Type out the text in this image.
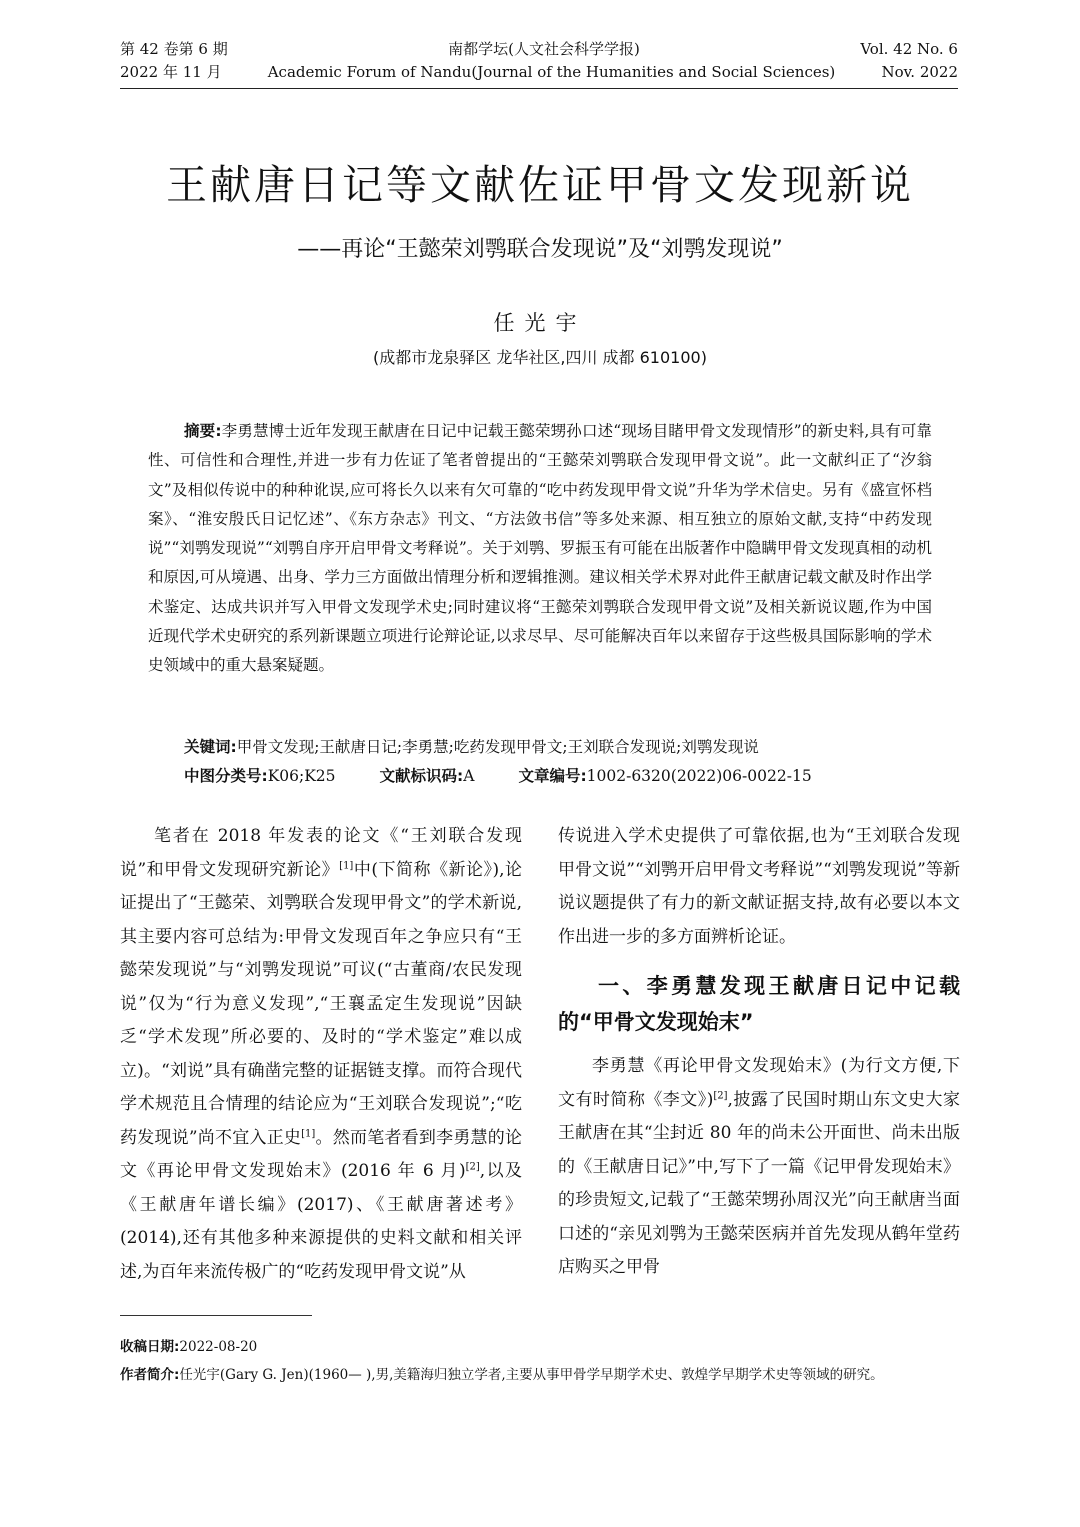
第 42 卷第 6 期	南都学坛(人文社会科学学报)	Vol. 42 No. 6
2022 年 11 月	Academic Forum of Nandu(Journal of the Humanities and Social Sciences)	Nov. 2022
王献唐日记等文献佐证甲骨文发现新说
——再论“王懿荣刘鹗联合发现说”及“刘鹗发现说”
任光宇
(成都市龙泉驿区 龙华社区,四川 成都 610100)

摘要:李勇慧博士近年发现王献唐在日记中记载王懿荣甥孙口述“现场目睹甲骨文发现情形”的新史料,具有可靠性、可信性和合理性,并进一步有力佐证了笔者曾提出的“王懿荣刘鹗联合发现甲骨文说”。此一文献纠正了“汐翁文”及相似传说中的种种讹误,应可将长久以来有欠可靠的“吃中药发现甲骨文说”升华为学术信史。另有《盛宣怀档案》、“淮安殷氏日记忆述”、《东方杂志》刊文、“方法敛书信”等多处来源、相互独立的原始文献,支持“中药发现说”“刘鹗发现说”“刘鹗自序开启甲骨文考释说”。关于刘鹗、罗振玉有可能在出版著作中隐瞒甲骨文发现真相的动机和原因,可从境遇、出身、学力三方面做出情理分析和逻辑推测。建议相关学术界对此件王献唐记载文献及时作出学术鉴定、达成共识并写入甲骨文发现学术史;同时建议将“王懿荣刘鹗联合发现甲骨文说”及相关新说议题,作为中国近现代学术史研究的系列新课题立项进行论辩论证,以求尽早、尽可能解决百年以来留存于这些极具国际影响的学术史领域中的重大悬案疑题。

关键词:甲骨文发现;王献唐日记;李勇慧;吃药发现甲骨文;王刘联合发现说;刘鹗发现说
中图分类号:K06;K25	文献标识码:A	文章编号:1002-6320(2022)06-0022-15

笔者在 2018 年发表的论文《“王刘联合发现说”和甲骨文发现研究新论》[1]中(下简称《新论》),论证提出了“王懿荣、刘鹗联合发现甲骨文”的学术新说,其主要内容可总结为:甲骨文发现百年之争应只有“王懿荣发现说”与“刘鹗发现说”可议(“古董商/农民发现说”仅为“行为意义发现”,“王襄孟定生发现说”因缺乏“学术发现”所必要的、及时的“学术鉴定”难以成立)。“刘说”具有确凿完整的证据链支撑。而符合现代学术规范且合情理的结论应为“王刘联合发现说”;“吃药发现说”尚不宜入正史[1]。然而笔者看到李勇慧的论文《再论甲骨文发现始末》(2016 年 6 月)[2],以及《王献唐年谱长编》(2017)、《王献唐著述考》(2014),还有其他多种来源提供的史料文献和相关评述,为百年来流传极广的“吃药发现甲骨文说”从

传说进入学术史提供了可靠依据,也为“王刘联合发现甲骨文说”“刘鹗开启甲骨文考释说”“刘鹗发现说”等新说议题提供了有力的新文献证据支持,故有必要以本文作出进一步的多方面辨析论证。

一、李勇慧发现王献唐日记中记载的“甲骨文发现始末”

李勇慧《再论甲骨文发现始末》(为行文方便,下文有时简称《李文》)[2],披露了民国时期山东文史大家王献唐在其“尘封近 80 年的尚未公开面世、尚未出版的《王献唐日记》”中,写下了一篇《记甲骨发现始末》的珍贵短文,记载了“王懿荣甥孙周汉光”向王献唐当面口述的“亲见刘鹗为王懿荣医病并首先发现从鹤年堂药店购买之甲骨

收稿日期:2022-08-20
作者简介:任光宇(Gary G. Jen)(1960— ),男,美籍海归独立学者,主要从事甲骨学早期学术史、敦煌学早期学术史等领域的研究。
